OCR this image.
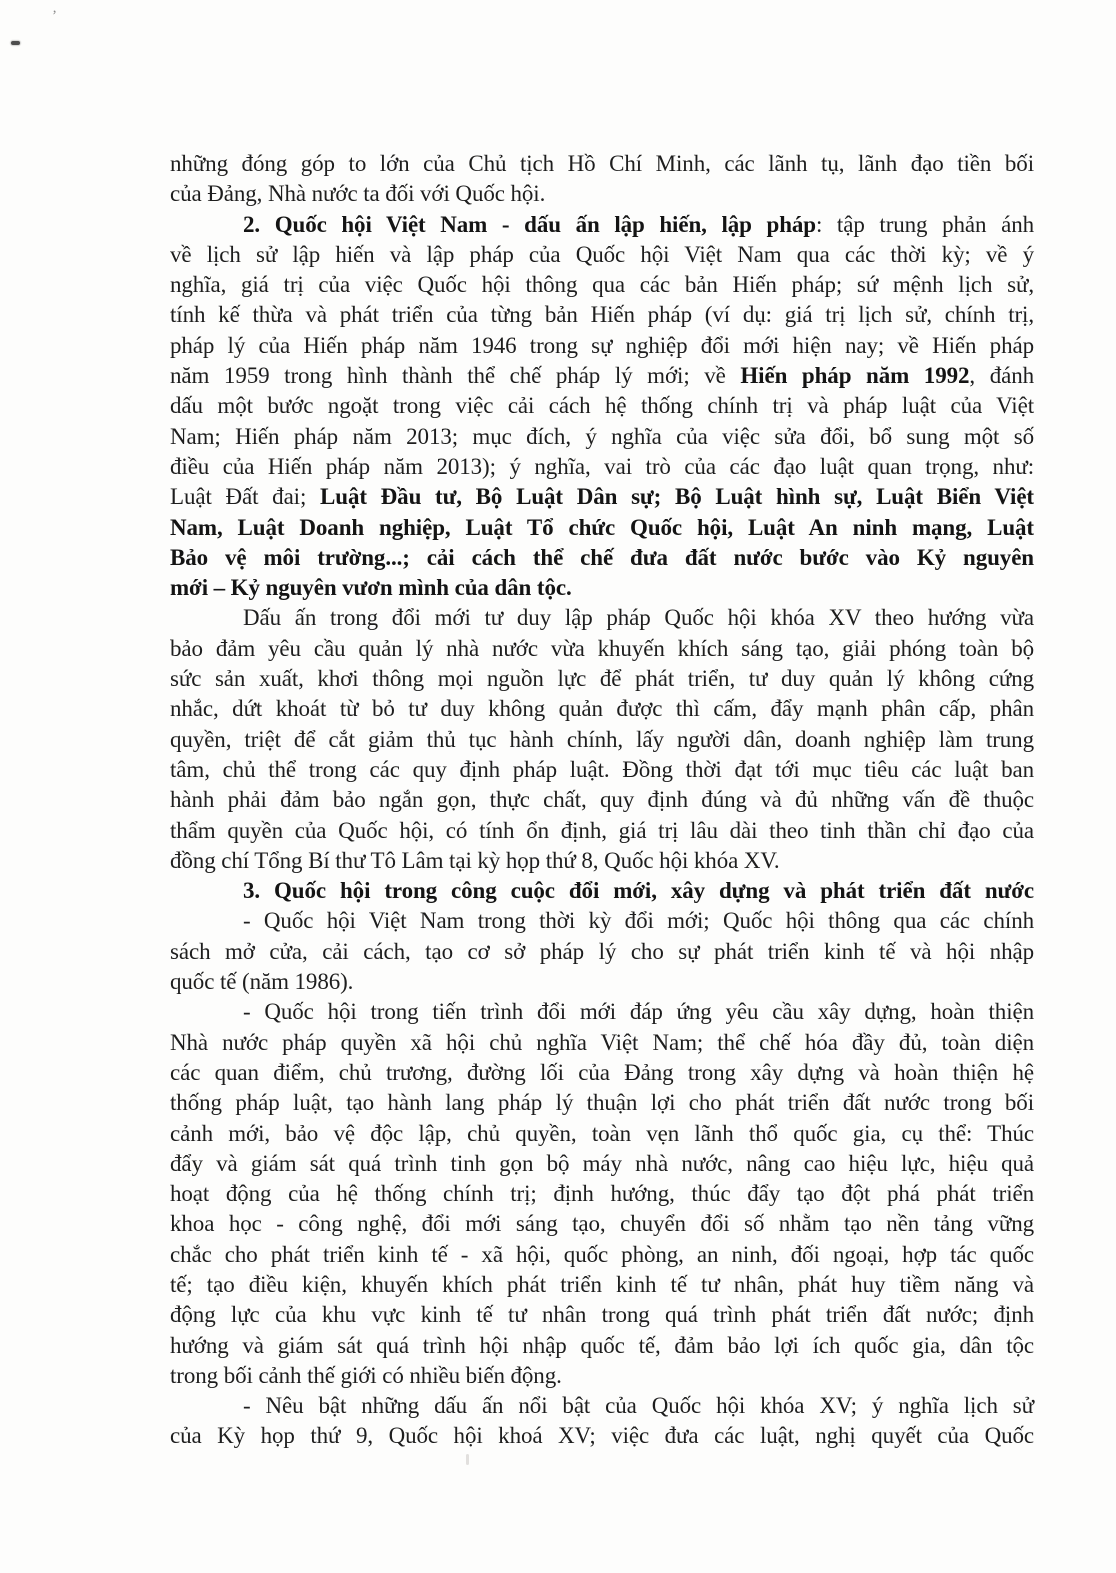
’
những đóng góp to lớn của Chủ tịch Hồ Chí Minh, các lãnh tụ, lãnh đạo tiền bối
của Đảng, Nhà nước ta đối với Quốc hội.
2. Quốc hội Việt Nam - dấu ấn lập hiến, lập pháp: tập trung phản ánh
về lịch sử lập hiến và lập pháp của Quốc hội Việt Nam qua các thời kỳ; về ý
nghĩa, giá trị của việc Quốc hội thông qua các bản Hiến pháp; sứ mệnh lịch sử,
tính kế thừa và phát triển của từng bản Hiến pháp (ví dụ: giá trị lịch sử, chính trị,
pháp lý của Hiến pháp năm 1946 trong sự nghiệp đổi mới hiện nay; về Hiến pháp
năm 1959 trong hình thành thể chế pháp lý mới; về Hiến pháp năm 1992, đánh
dấu một bước ngoặt trong việc cải cách hệ thống chính trị và pháp luật của Việt
Nam; Hiến pháp năm 2013; mục đích, ý nghĩa của việc sửa đổi, bổ sung một số
điều của Hiến pháp năm 2013); ý nghĩa, vai trò của các đạo luật quan trọng, như:
Luật Đất đai; Luật Đầu tư, Bộ Luật Dân sự; Bộ Luật hình sự, Luật Biển Việt
Nam, Luật Doanh nghiệp, Luật Tổ chức Quốc hội, Luật An ninh mạng, Luật
Bảo vệ môi trường...; cải cách thể chế đưa đất nước bước vào Kỷ nguyên
mới – Kỷ nguyên vươn mình của dân tộc.
Dấu ấn trong đổi mới tư duy lập pháp Quốc hội khóa XV theo hướng vừa
bảo đảm yêu cầu quản lý nhà nước vừa khuyến khích sáng tạo, giải phóng toàn bộ
sức sản xuất, khơi thông mọi nguồn lực để phát triển, tư duy quản lý không cứng
nhắc, dứt khoát từ bỏ tư duy không quản được thì cấm, đẩy mạnh phân cấp, phân
quyền, triệt để cắt giảm thủ tục hành chính, lấy người dân, doanh nghiệp làm trung
tâm, chủ thể trong các quy định pháp luật. Đồng thời đạt tới mục tiêu các luật ban
hành phải đảm bảo ngắn gọn, thực chất, quy định đúng và đủ những vấn đề thuộc
thẩm quyền của Quốc hội, có tính ổn định, giá trị lâu dài theo tinh thần chỉ đạo của
đồng chí Tổng Bí thư Tô Lâm tại kỳ họp thứ 8, Quốc hội khóa XV.
3. Quốc hội trong công cuộc đổi mới, xây dựng và phát triển đất nước
- Quốc hội Việt Nam trong thời kỳ đổi mới; Quốc hội thông qua các chính
sách mở cửa, cải cách, tạo cơ sở pháp lý cho sự phát triển kinh tế và hội nhập
quốc tế (năm 1986).
- Quốc hội trong tiến trình đổi mới đáp ứng yêu cầu xây dựng, hoàn thiện
Nhà nước pháp quyền xã hội chủ nghĩa Việt Nam; thể chế hóa đầy đủ, toàn diện
các quan điểm, chủ trương, đường lối của Đảng trong xây dựng và hoàn thiện hệ
thống pháp luật, tạo hành lang pháp lý thuận lợi cho phát triển đất nước trong bối
cảnh mới, bảo vệ độc lập, chủ quyền, toàn vẹn lãnh thổ quốc gia, cụ thể: Thúc
đẩy và giám sát quá trình tinh gọn bộ máy nhà nước, nâng cao hiệu lực, hiệu quả
hoạt động của hệ thống chính trị; định hướng, thúc đẩy tạo đột phá phát triển
khoa học - công nghệ, đổi mới sáng tạo, chuyển đổi số nhằm tạo nền tảng vững
chắc cho phát triển kinh tế - xã hội, quốc phòng, an ninh, đối ngoại, hợp tác quốc
tế; tạo điều kiện, khuyến khích phát triển kinh tế tư nhân, phát huy tiềm năng và
động lực của khu vực kinh tế tư nhân trong quá trình phát triển đất nước; định
hướng và giám sát quá trình hội nhập quốc tế, đảm bảo lợi ích quốc gia, dân tộc
trong bối cảnh thế giới có nhiều biến động.
- Nêu bật những dấu ấn nổi bật của Quốc hội khóa XV; ý nghĩa lịch sử
của Kỳ họp thứ 9, Quốc hội khoá XV; việc đưa các luật, nghị quyết của Quốc
